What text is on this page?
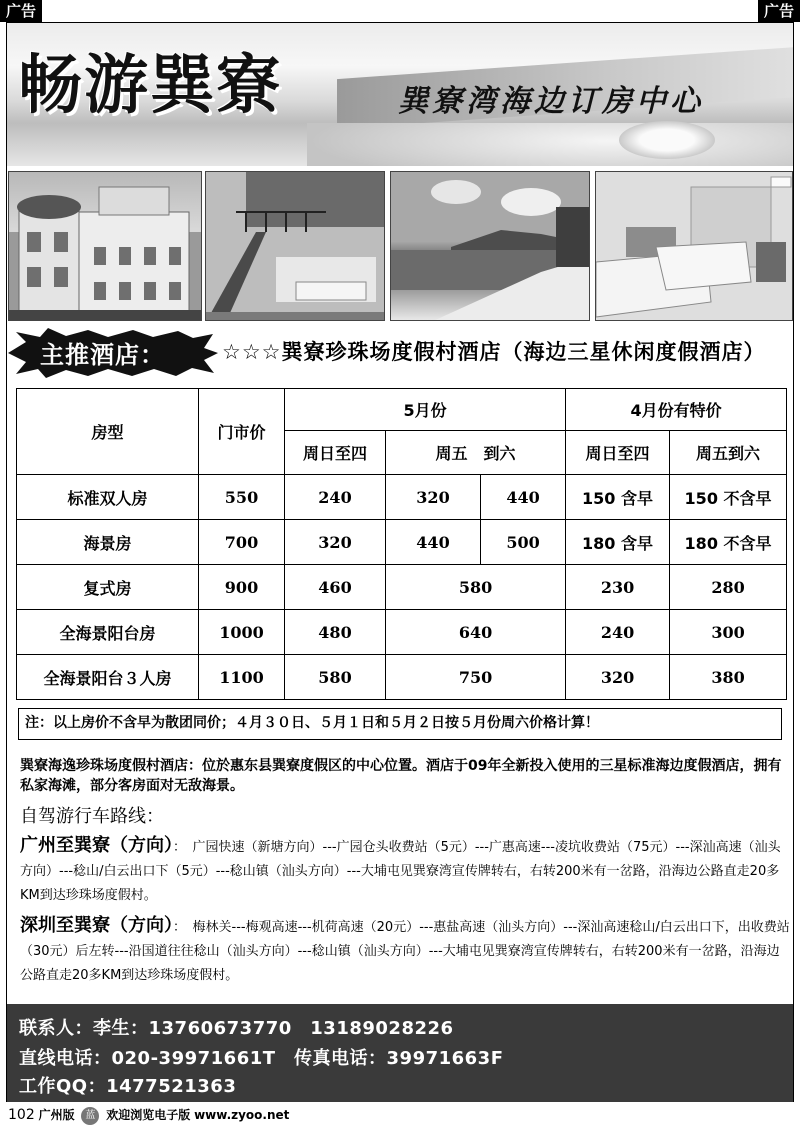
广告	广告
畅游巽寮	巽寮湾海边订房中心
主推酒店：	☆☆☆巽寮珍珠场度假村酒店（海边三星休闲度假酒店）
房型	门市价	5月份			4月份有特价	
		周日至四	周五　到六		周日至四	周五到六
标准双人房	550	240	320	440	150 含早	150 不含早
海景房	700	320	440	500	180 含早	180 不含早
复式房	900	460	580		230	280
全海景阳台房	1000	480	640		240	300
全海景阳台３人房	1100	580	750		320	380
注：以上房价不含早为散团同价；４月３０日、５月１日和５月２日按５月份周六价格计算！
巽寮海逸珍珠场度假村酒店：位於惠东县巽寮度假区的中心位置。酒店于09年全新投入使用的三星标准海边度假酒店，拥有私家海滩，部分客房面对无敌海景。
自驾游行车路线：
广州至巽寮（方向）：　广园快速（新塘方向）---广园仓头收费站（5元）---广惠高速---凌坑收费站（75元）---深汕高速（汕头方向）---稔山/白云出口下（5元）---稔山镇（汕头方向）---大埔屯见巽寮湾宣传牌转右，右转200米有一岔路，沿海边公路直走20多KM到达珍珠场度假村。
深圳至巽寮（方向）：　梅林关---梅观高速---机荷高速（20元）---惠盐高速（汕头方向）---深汕高速稔山/白云出口下，出收费站（30元）后左转---沿国道往往稔山（汕头方向）---稔山镇（汕头方向）---大埔屯见巽寮湾宣传牌转右，右转200米有一岔路，沿海边公路直走20多KM到达珍珠场度假村。
联系人：李生：13760673770　13189028226
直线电话：020-39971661T　传真电话：39971663F
工作QQ：1477521363
102 广州版 蓝 欢迎浏览电子版 www.zyoo.net
